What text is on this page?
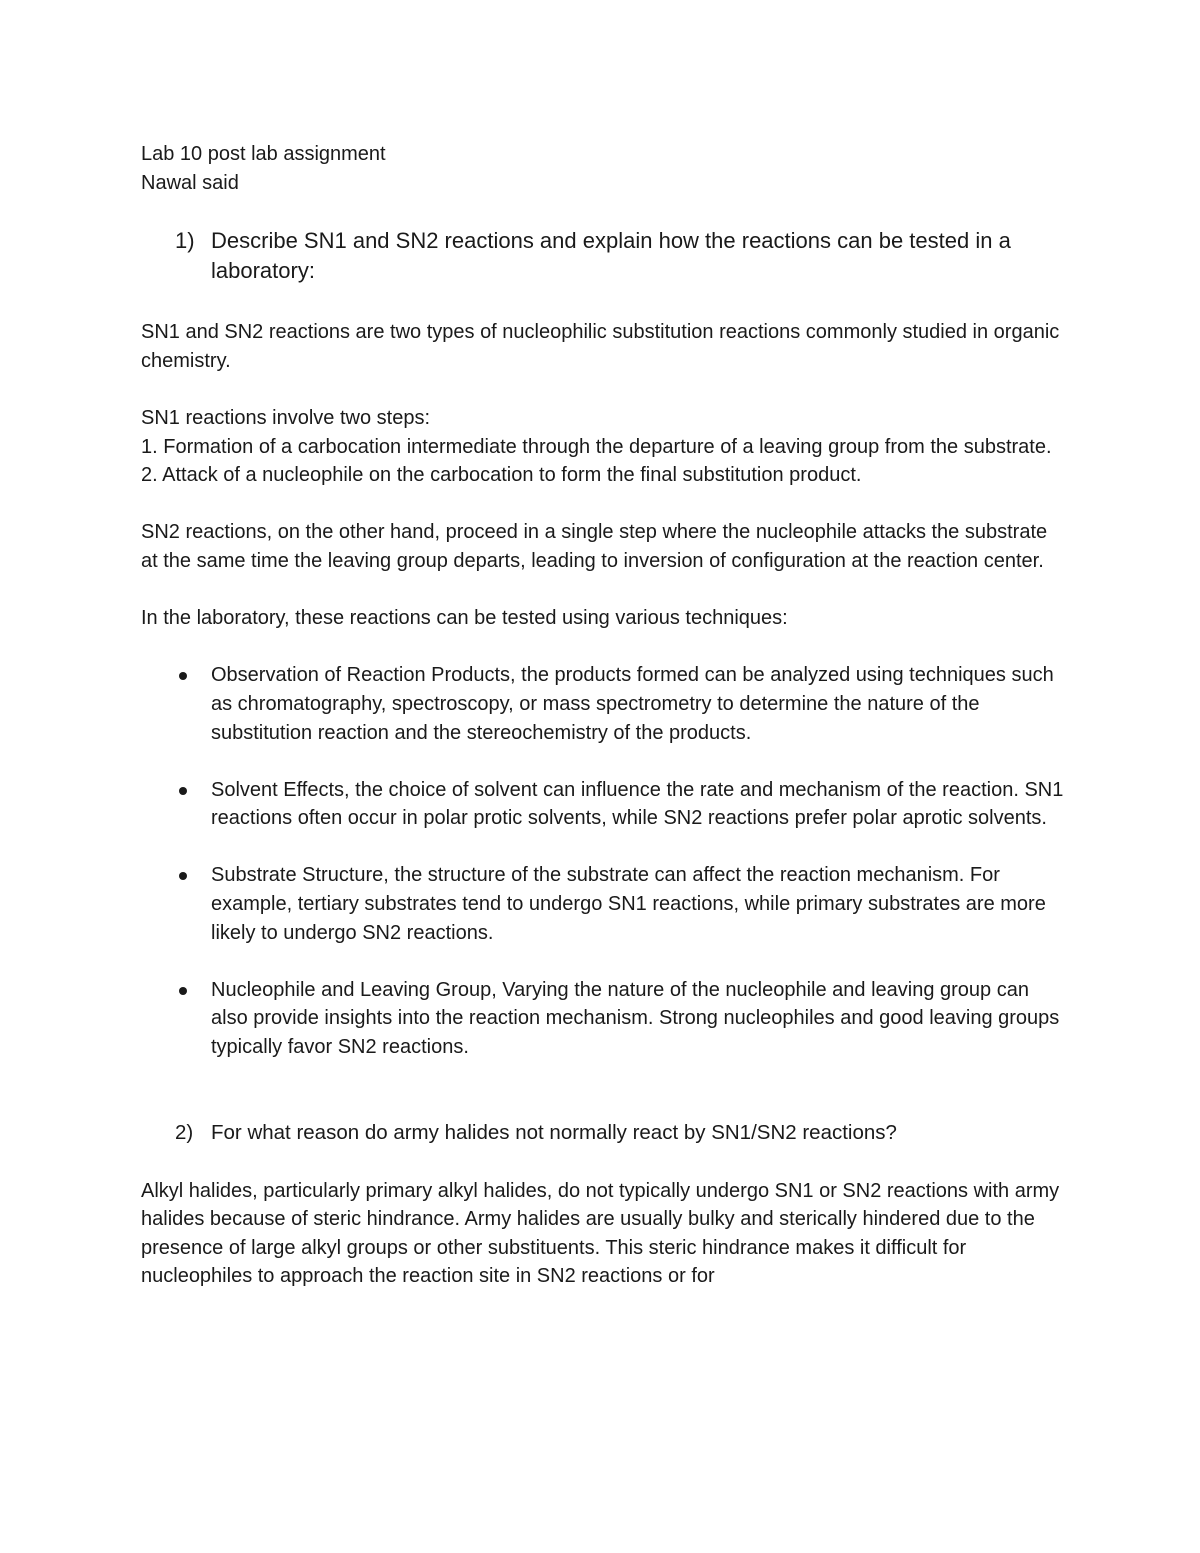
Lab 10 post lab assignment
Nawal said
1) Describe SN1 and SN2 reactions and explain how the reactions can be tested in a laboratory:

SN1 and SN2 reactions are two types of nucleophilic substitution reactions commonly studied in organic chemistry.

SN1 reactions involve two steps:

1. Formation of a carbocation intermediate through the departure of a leaving group from the substrate.

2. Attack of a nucleophile on the carbocation to form the final substitution product.

SN2 reactions, on the other hand, proceed in a single step where the nucleophile attacks the substrate at the same time the leaving group departs, leading to inversion of configuration at the reaction center.

In the laboratory, these reactions can be tested using various techniques:

Observation of Reaction Products, the products formed can be analyzed using techniques such as chromatography, spectroscopy, or mass spectrometry to determine the nature of the substitution reaction and the stereochemistry of the products.
Solvent Effects, the choice of solvent can influence the rate and mechanism of the reaction. SN1 reactions often occur in polar protic solvents, while SN2 reactions prefer polar aprotic solvents.
Substrate Structure, the structure of the substrate can affect the reaction mechanism. For example, tertiary substrates tend to undergo SN1 reactions, while primary substrates are more likely to undergo SN2 reactions.
Nucleophile and Leaving Group, Varying the nature of the nucleophile and leaving group can also provide insights into the reaction mechanism. Strong nucleophiles and good leaving groups typically favor SN2 reactions.
2) For what reason do army halides not normally react by SN1/SN2 reactions?

Alkyl halides, particularly primary alkyl halides, do not typically undergo SN1 or SN2 reactions with army halides because of steric hindrance. Army halides are usually bulky and sterically hindered due to the presence of large alkyl groups or other substituents. This steric hindrance makes it difficult for nucleophiles to approach the reaction site in SN2 reactions or for
